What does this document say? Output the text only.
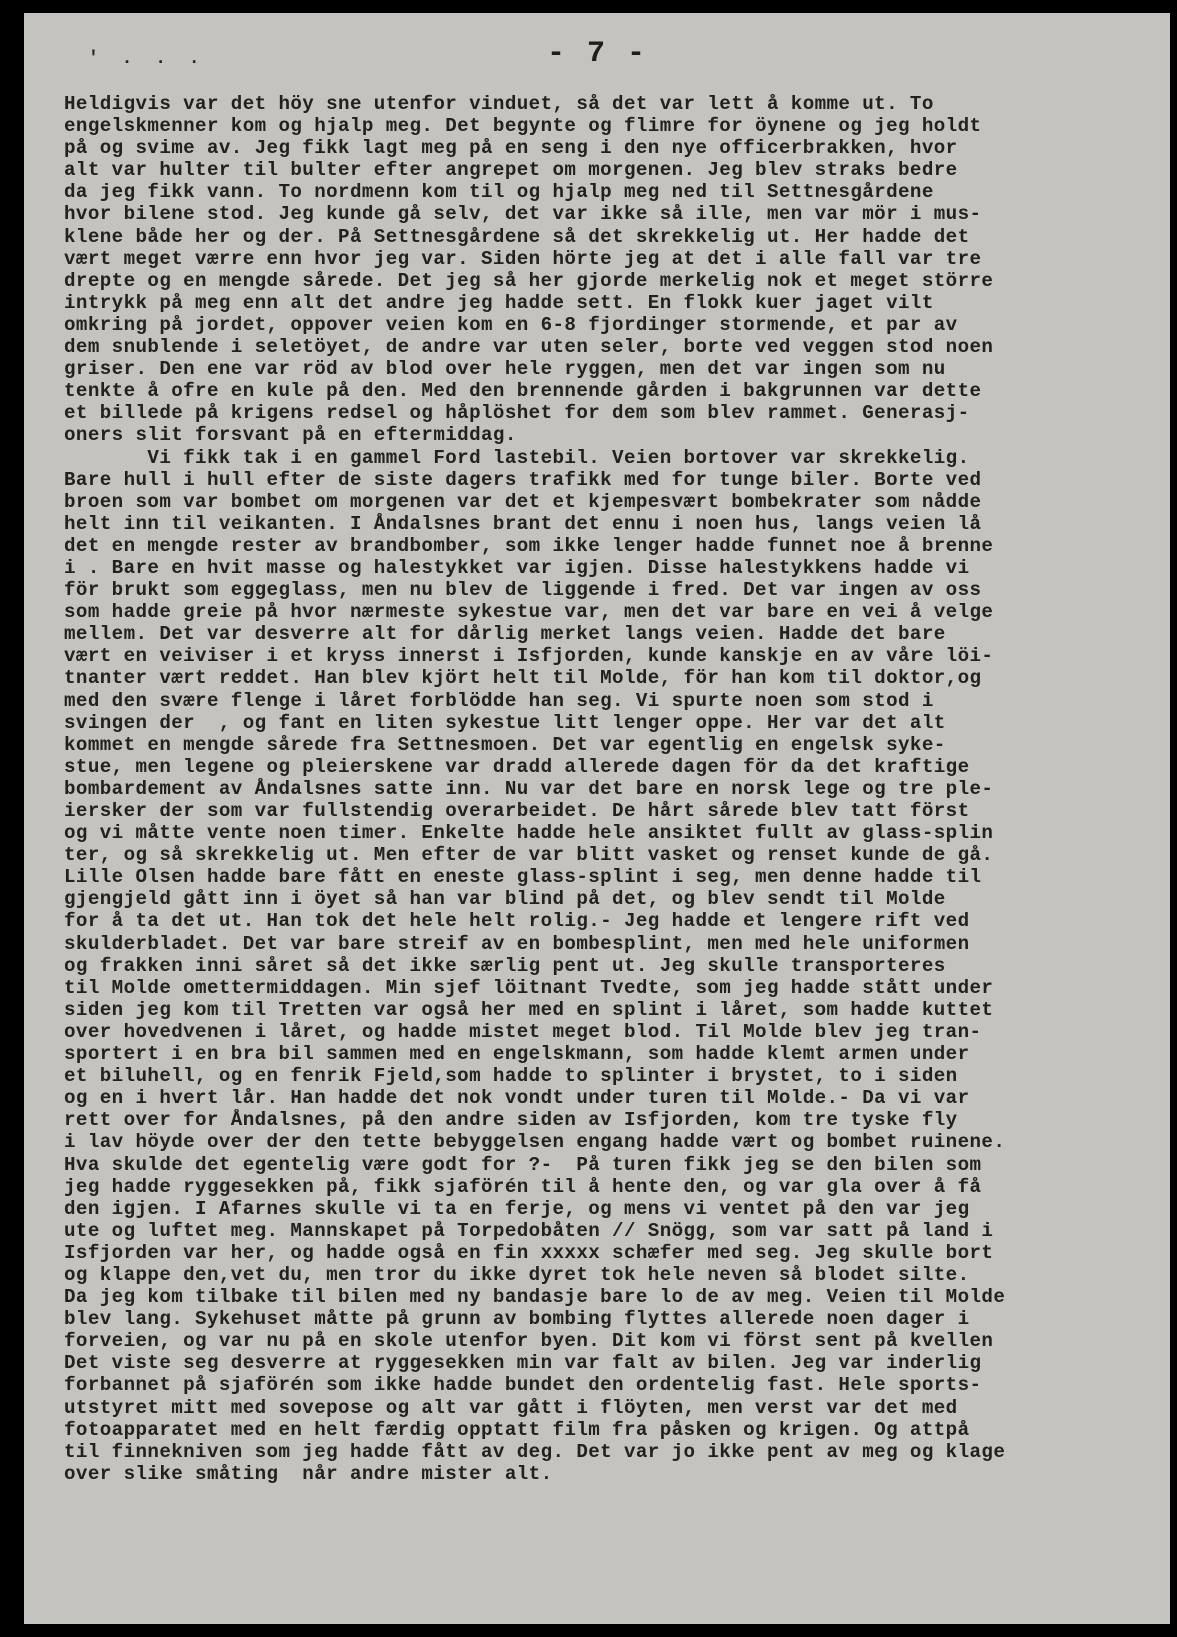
' . . .	- 7 -
Heldigvis var det höy sne utenfor vinduet, så det var lett å komme ut. To
engelskmenner kom og hjalp meg. Det begynte og flimre for öynene og jeg holdt
på og svime av. Jeg fikk lagt meg på en seng i den nye officerbrakken, hvor
alt var hulter til bulter efter angrepet om morgenen. Jeg blev straks bedre
da jeg fikk vann. To nordmenn kom til og hjalp meg ned til Settnesgårdene
hvor bilene stod. Jeg kunde gå selv, det var ikke så ille, men var mör i mus-
klene både her og der. På Settnesgårdene så det skrekkelig ut. Her hadde det
vært meget værre enn hvor jeg var. Siden hörte jeg at det i alle fall var tre
drepte og en mengde sårede. Det jeg så her gjorde merkelig nok et meget större
intrykk på meg enn alt det andre jeg hadde sett. En flokk kuer jaget vilt
omkring på jordet, oppover veien kom en 6-8 fjordinger stormende, et par av
dem snublende i seletöyet, de andre var uten seler, borte ved veggen stod noen
griser. Den ene var röd av blod over hele ryggen, men det var ingen som nu
tenkte å ofre en kule på den. Med den brennende gården i bakgrunnen var dette
et billede på krigens redsel og håplöshet for dem som blev rammet. Generasj-
oners slit forsvant på en eftermiddag.
Vi fikk tak i en gammel Ford lastebil. Veien bortover var skrekkelig.
Bare hull i hull efter de siste dagers trafikk med for tunge biler. Borte ved
broen som var bombet om morgenen var det et kjempesvært bombekrater som nådde
helt inn til veikanten. I Åndalsnes brant det ennu i noen hus, langs veien lå
det en mengde rester av brandbomber, som ikke lenger hadde funnet noe å brenne
i . Bare en hvit masse og halestykket var igjen. Disse halestykkens hadde vi
för brukt som eggeglass, men nu blev de liggende i fred. Det var ingen av oss
som hadde greie på hvor nærmeste sykestue var, men det var bare en vei å velge
mellem. Det var desverre alt for dårlig merket langs veien. Hadde det bare
vært en veiviser i et kryss innerst i Isfjorden, kunde kanskje en av våre löi-
tnanter vært reddet. Han blev kjört helt til Molde, för han kom til doktor,og
med den svære flenge i låret forblödde han seg. Vi spurte noen som stod i
svingen der  , og fant en liten sykestue litt lenger oppe. Her var det alt
kommet en mengde sårede fra Settnesmoen. Det var egentlig en engelsk syke-
stue, men legene og pleierskene var dradd allerede dagen för da det kraftige
bombardement av Åndalsnes satte inn. Nu var det bare en norsk lege og tre ple-
iersker der som var fullstendig overarbeidet. De hårt sårede blev tatt först
og vi måtte vente noen timer. Enkelte hadde hele ansiktet fullt av glass-splin
ter, og så skrekkelig ut. Men efter de var blitt vasket og renset kunde de gå.
Lille Olsen hadde bare fått en eneste glass-splint i seg, men denne hadde til
gjengjeld gått inn i öyet så han var blind på det, og blev sendt til Molde
for å ta det ut. Han tok det hele helt rolig.- Jeg hadde et lengere rift ved
skulderbladet. Det var bare streif av en bombesplint, men med hele uniformen
og frakken inni såret så det ikke særlig pent ut. Jeg skulle transporteres
til Molde omettermiddagen. Min sjef löitnant Tvedte, som jeg hadde stått under
siden jeg kom til Tretten var også her med en splint i låret, som hadde kuttet
over hovedvenen i låret, og hadde mistet meget blod. Til Molde blev jeg tran-
sportert i en bra bil sammen med en engelskmann, som hadde klemt armen under
et biluhell, og en fenrik Fjeld,som hadde to splinter i brystet, to i siden
og en i hvert lår. Han hadde det nok vondt under turen til Molde.- Da vi var
rett over for Åndalsnes, på den andre siden av Isfjorden, kom tre tyske fly
i lav höyde over der den tette bebyggelsen engang hadde vært og bombet ruinene.
Hva skulde det egentelig være godt for ?-  På turen fikk jeg se den bilen som
jeg hadde ryggesekken på, fikk sjaförén til å hente den, og var gla over å få
den igjen. I Afarnes skulle vi ta en ferje, og mens vi ventet på den var jeg
ute og luftet meg. Mannskapet på Torpedobåten // Snögg, som var satt på land i
Isfjorden var her, og hadde også en fin xxxxx schæfer med seg. Jeg skulle bort
og klappe den,vet du, men tror du ikke dyret tok hele neven så blodet silte.
Da jeg kom tilbake til bilen med ny bandasje bare lo de av meg. Veien til Molde
blev lang. Sykehuset måtte på grunn av bombing flyttes allerede noen dager i
forveien, og var nu på en skole utenfor byen. Dit kom vi först sent på kvellen
Det viste seg desverre at ryggesekken min var falt av bilen. Jeg var inderlig
forbannet på sjaförén som ikke hadde bundet den ordentelig fast. Hele sports-
utstyret mitt med sovepose og alt var gått i flöyten, men verst var det med
fotoapparatet med en helt færdig opptatt film fra påsken og krigen. Og attpå
til finnekniven som jeg hadde fått av deg. Det var jo ikke pent av meg og klage
over slike småting  når andre mister alt.
